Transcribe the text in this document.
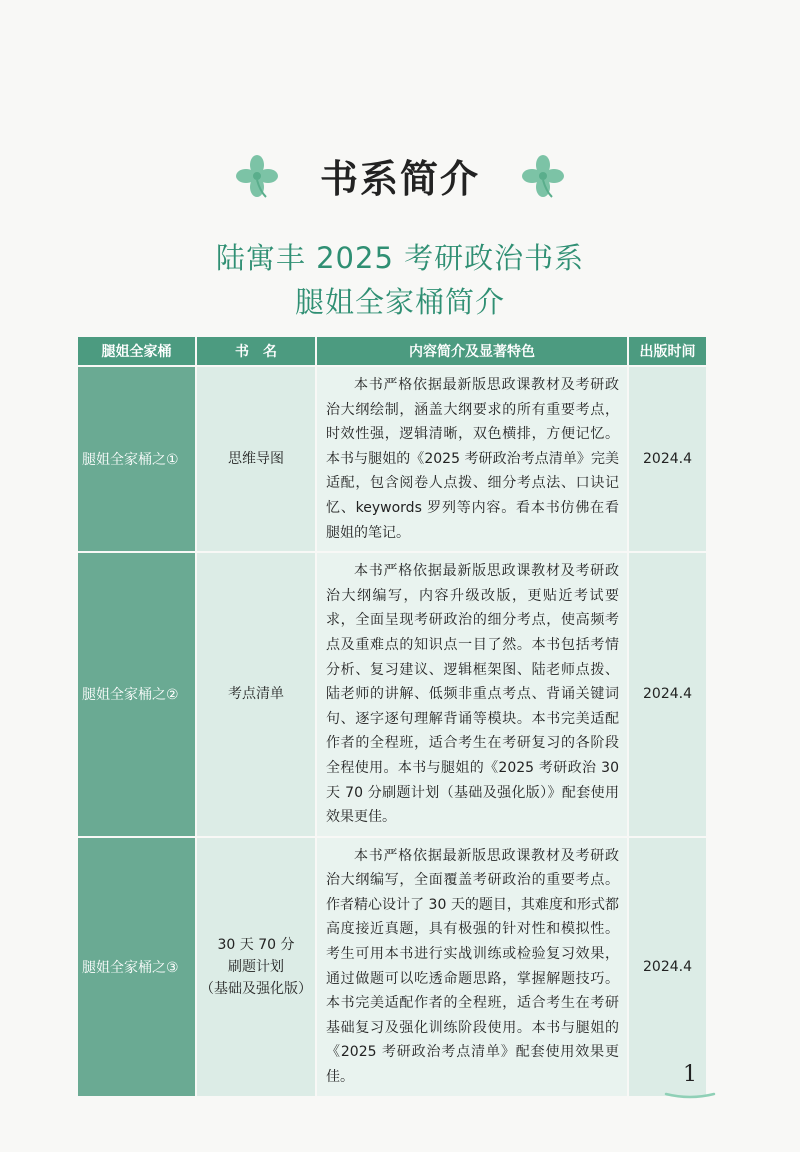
书系简介
陆寓丰 2025 考研政治书系
腿姐全家桶简介
腿姐全家桶	书　名	内容简介及显著特色	出版时间
腿姐全家桶之①	思维导图	本书严格依据最新版思政课教材及考研政治大纲绘制，涵盖大纲要求的所有重要考点，时效性强，逻辑清晰，双色横排，方便记忆。本书与腿姐的《2025 考研政治考点清单》完美适配，包含阅卷人点拨、细分考点法、口诀记忆、keywords 罗列等内容。看本书仿佛在看腿姐的笔记。	2024.4
腿姐全家桶之②	考点清单	本书严格依据最新版思政课教材及考研政治大纲编写，内容升级改版，更贴近考试要求，全面呈现考研政治的细分考点，使高频考点及重难点的知识点一目了然。本书包括考情分析、复习建议、逻辑框架图、陆老师点拨、陆老师的讲解、低频非重点考点、背诵关键词句、逐字逐句理解背诵等模块。本书完美适配作者的全程班，适合考生在考研复习的各阶段全程使用。本书与腿姐的《2025 考研政治 30 天 70 分刷题计划（基础及强化版）》配套使用效果更佳。	2024.4
腿姐全家桶之③	30 天 70 分
刷题计划
（基础及强化版）	本书严格依据最新版思政课教材及考研政治大纲编写，全面覆盖考研政治的重要考点。作者精心设计了 30 天的题目，其难度和形式都高度接近真题，具有极强的针对性和模拟性。考生可用本书进行实战训练或检验复习效果，通过做题可以吃透命题思路，掌握解题技巧。本书完美适配作者的全程班，适合考生在考研基础复习及强化训练阶段使用。本书与腿姐的《2025 考研政治考点清单》配套使用效果更佳。	2024.4
1
